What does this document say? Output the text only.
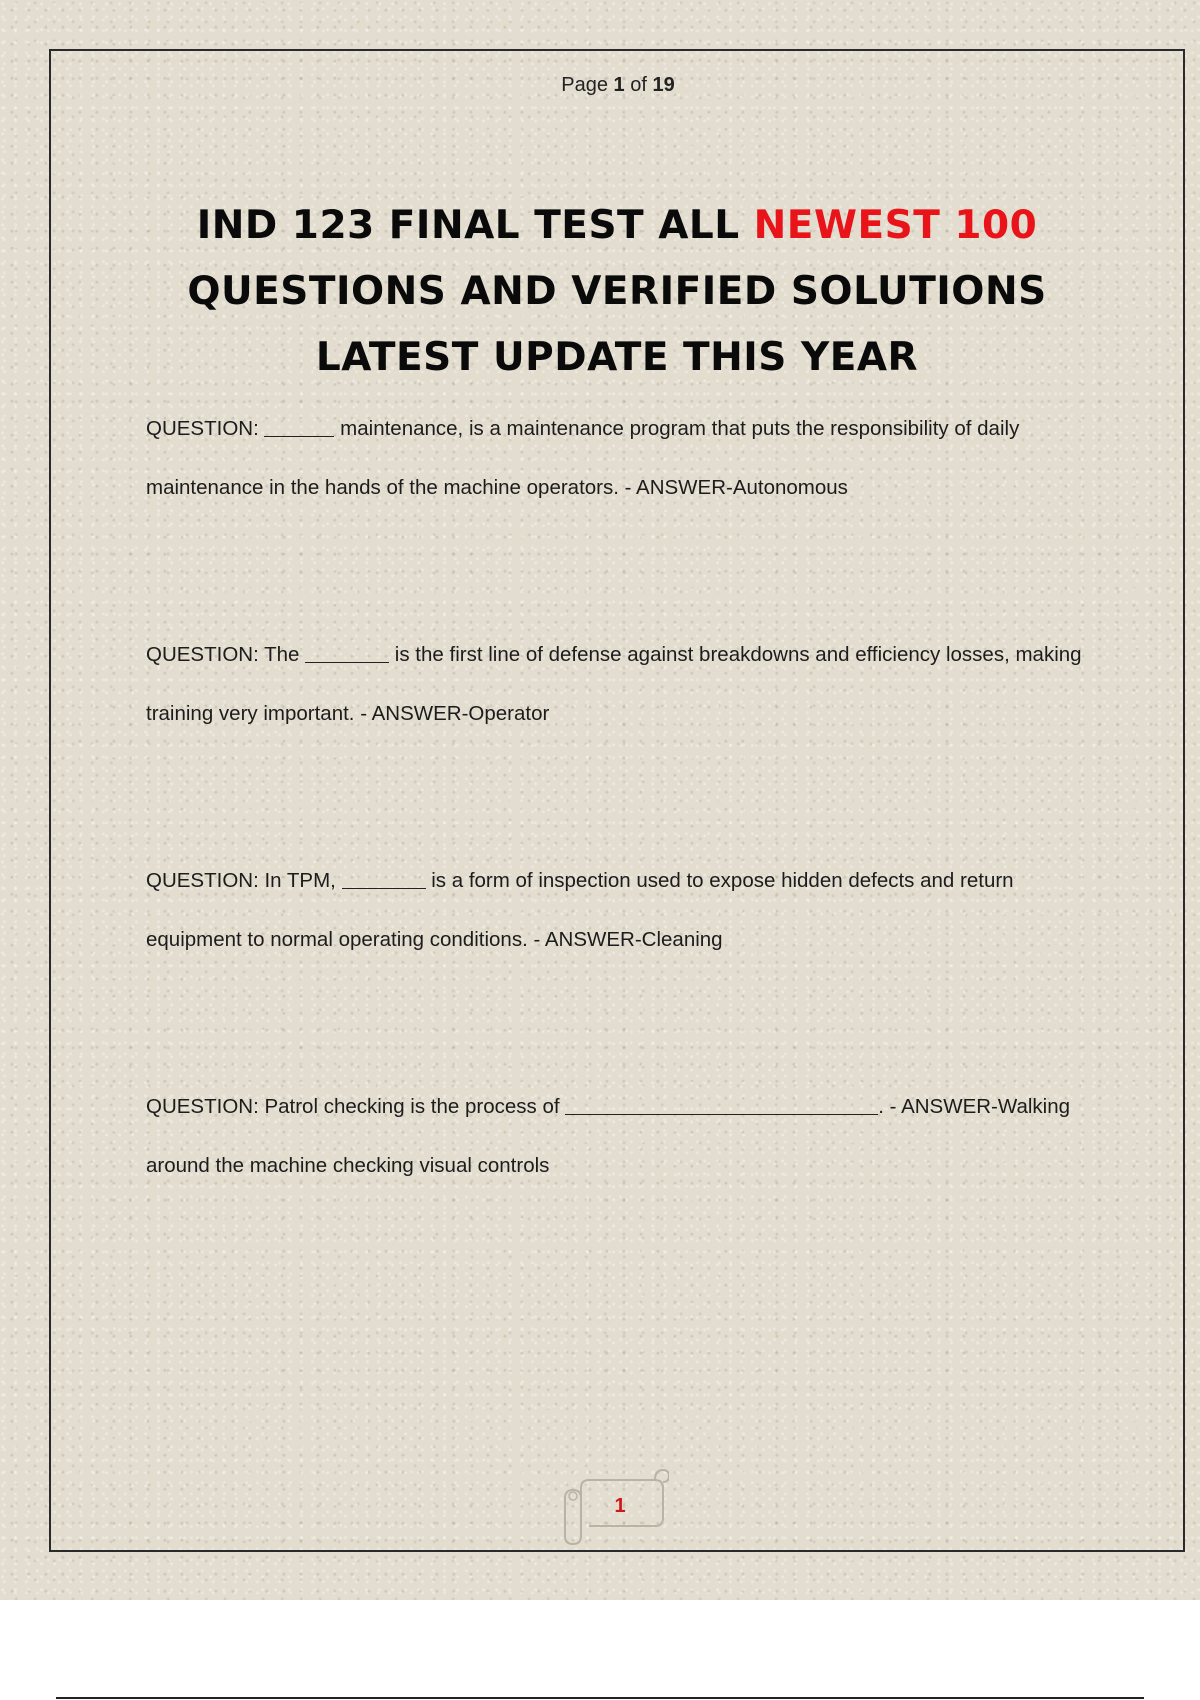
Page 1 of 19
IND 123 FINAL TEST ALL NEWEST 100
QUESTIONS AND VERIFIED SOLUTIONS
LATEST UPDATE THIS YEAR
QUESTION:	maintenance, is a maintenance program that puts the responsibility of daily maintenance in the hands of the machine operators. - ANSWER-Autonomous
QUESTION: The	is the first line of defense against breakdowns and efficiency losses, making training very important. - ANSWER-Operator
QUESTION: In TPM,	is a form of inspection used to expose hidden defects and return equipment to normal operating conditions. - ANSWER-Cleaning
QUESTION: Patrol checking is the process of	. - ANSWER-Walking around the machine checking visual controls
1
